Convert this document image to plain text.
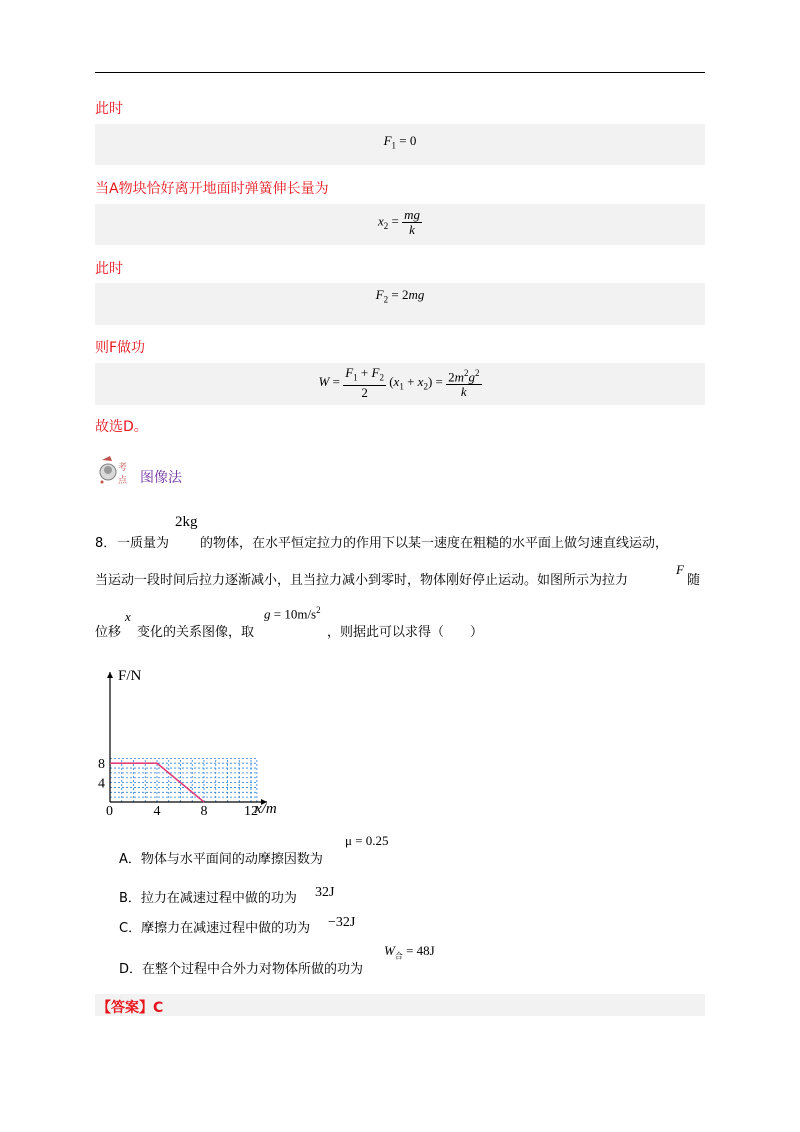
此时
$F_1 = 0$
当A物块恰好离开地面时弹簧伸长量为
$x_2 = \frac{mg}{k}$
此时
$F_2 = 2mg$
则F做功
$W = \frac{F_1 + F_2}{2} (x_1 + x_2) = \frac{2m^2g^2}{k}$
故选D。
考
点 图像法
8． 一质量为
2kg
的物体，在水平恒定拉力的作用下以某一速度在粗糙的水平面上做匀速直线运动，
当运动一段时间后拉力逐渐减小，且当拉力减小到零时，物体刚好停止运动。如图所示为拉力
F
随
位移
x
变化的关系图像，取
$g = 10m/s^2$
，则据此可以求得（　　）
0	4	8	12
4
8
F/N
x/m
A．物体与水平面间的动摩擦因数为
μ = 0.25
B．拉力在减速过程中做的功为 32J
C．摩擦力在减速过程中做的功为 −32J
D．在整个过程中合外力对物体所做的功为
$W_合 = 48J$
【答案】C
